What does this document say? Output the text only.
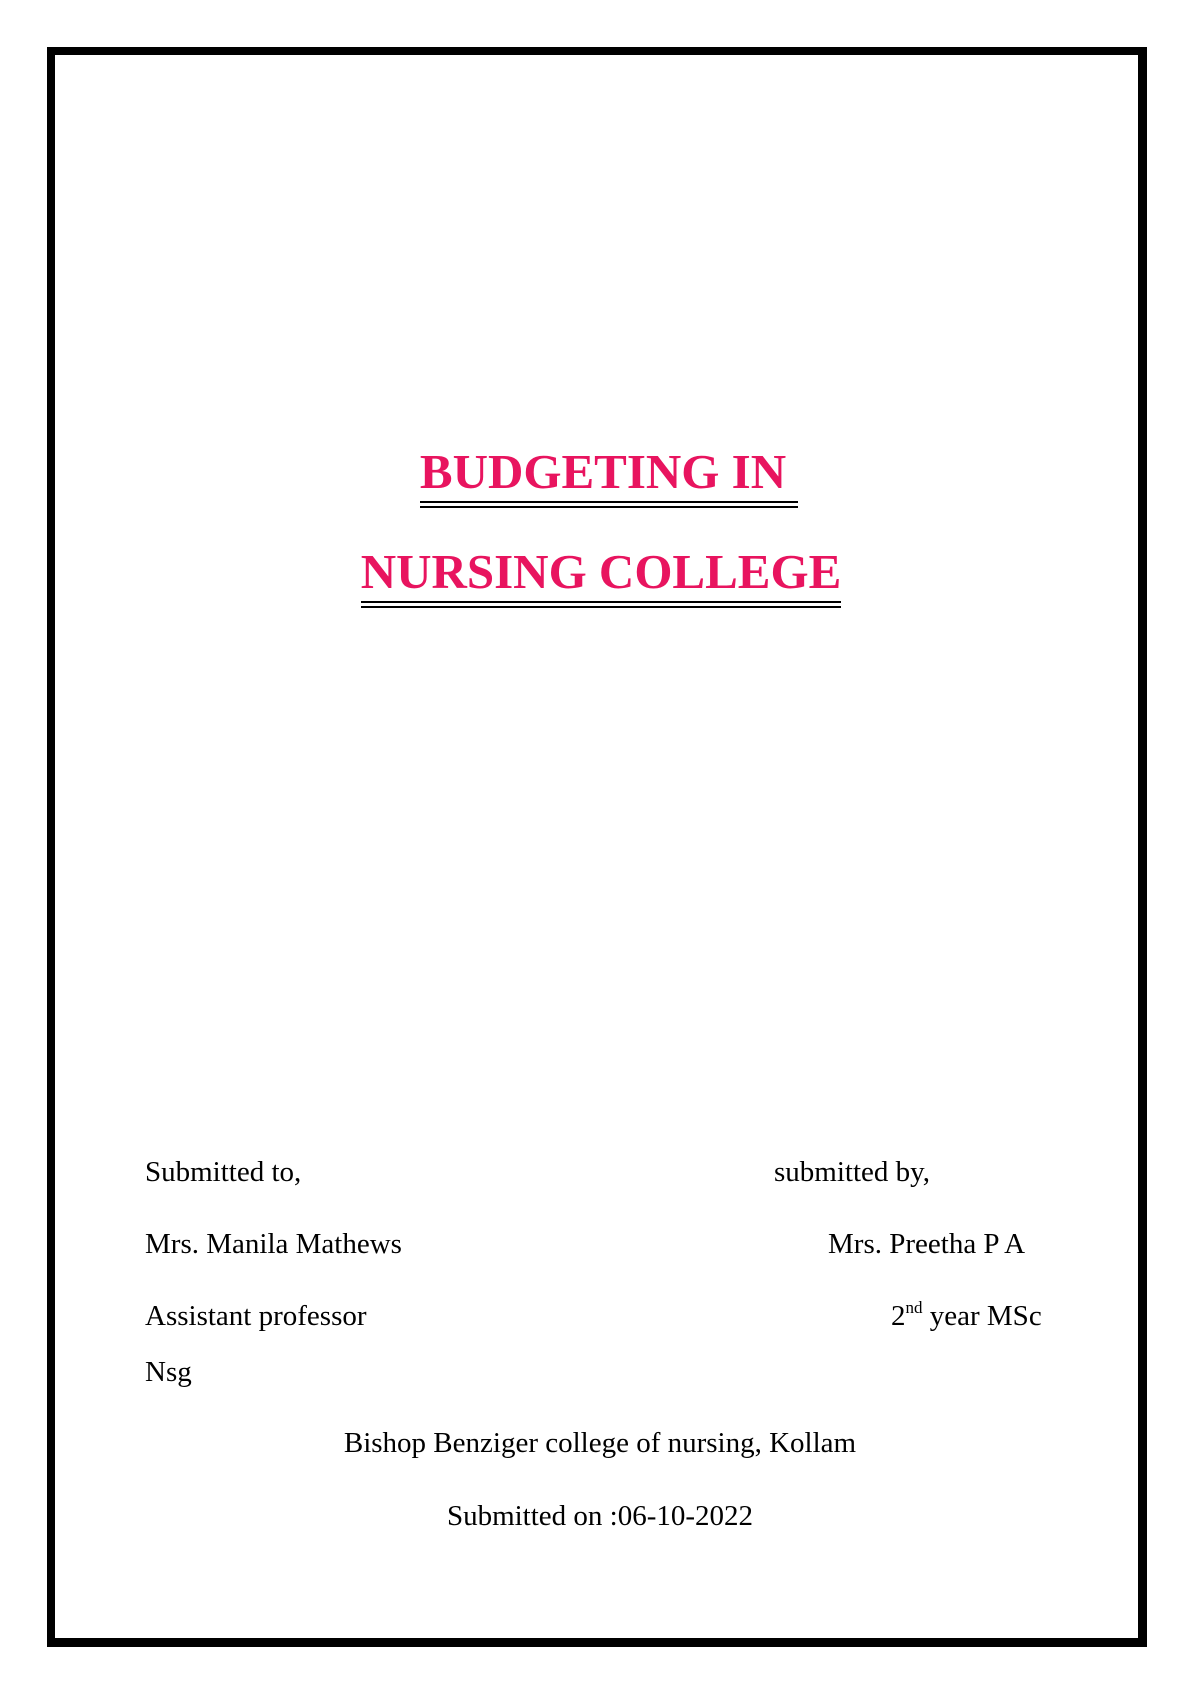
BUDGETING IN
NURSING COLLEGE
Submitted to,	submitted by,
Mrs. Manila Mathews	Mrs. Preetha P A
Assistant professor	2nd year MSc
Nsg
Bishop Benziger college of nursing, Kollam
Submitted on :06-10-2022
